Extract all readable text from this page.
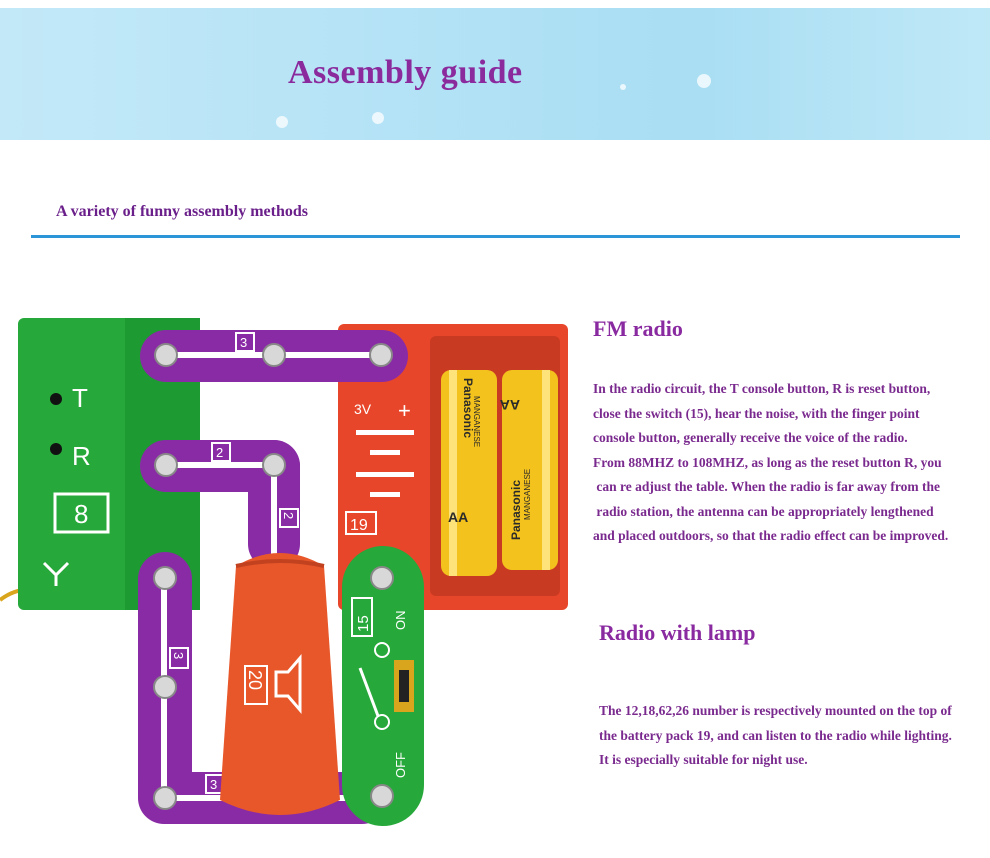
Assembly guide
A variety of funny assembly methods
T
R
8
3V +
19
Panasonic
MANGANESE
AA	Panasonic MANGANESE
AA
3
2
2
3
3
20
15 ON
OFF
FM radio
In the radio circuit, the T console button, R is reset button,
close the switch (15), hear the noise, with the finger point
console button, generally receive the voice of the radio.
From 88MHZ to 108MHZ, as long as the reset button R, you
can re adjust the table. When the radio is far away from the
radio station, the antenna can be appropriately lengthened
and placed outdoors, so that the radio effect can be improved.
Radio with lamp
The 12,18,62,26 number is respectively mounted on the top of
the battery pack 19, and can listen to the radio while lighting.
It is especially suitable for night use.
